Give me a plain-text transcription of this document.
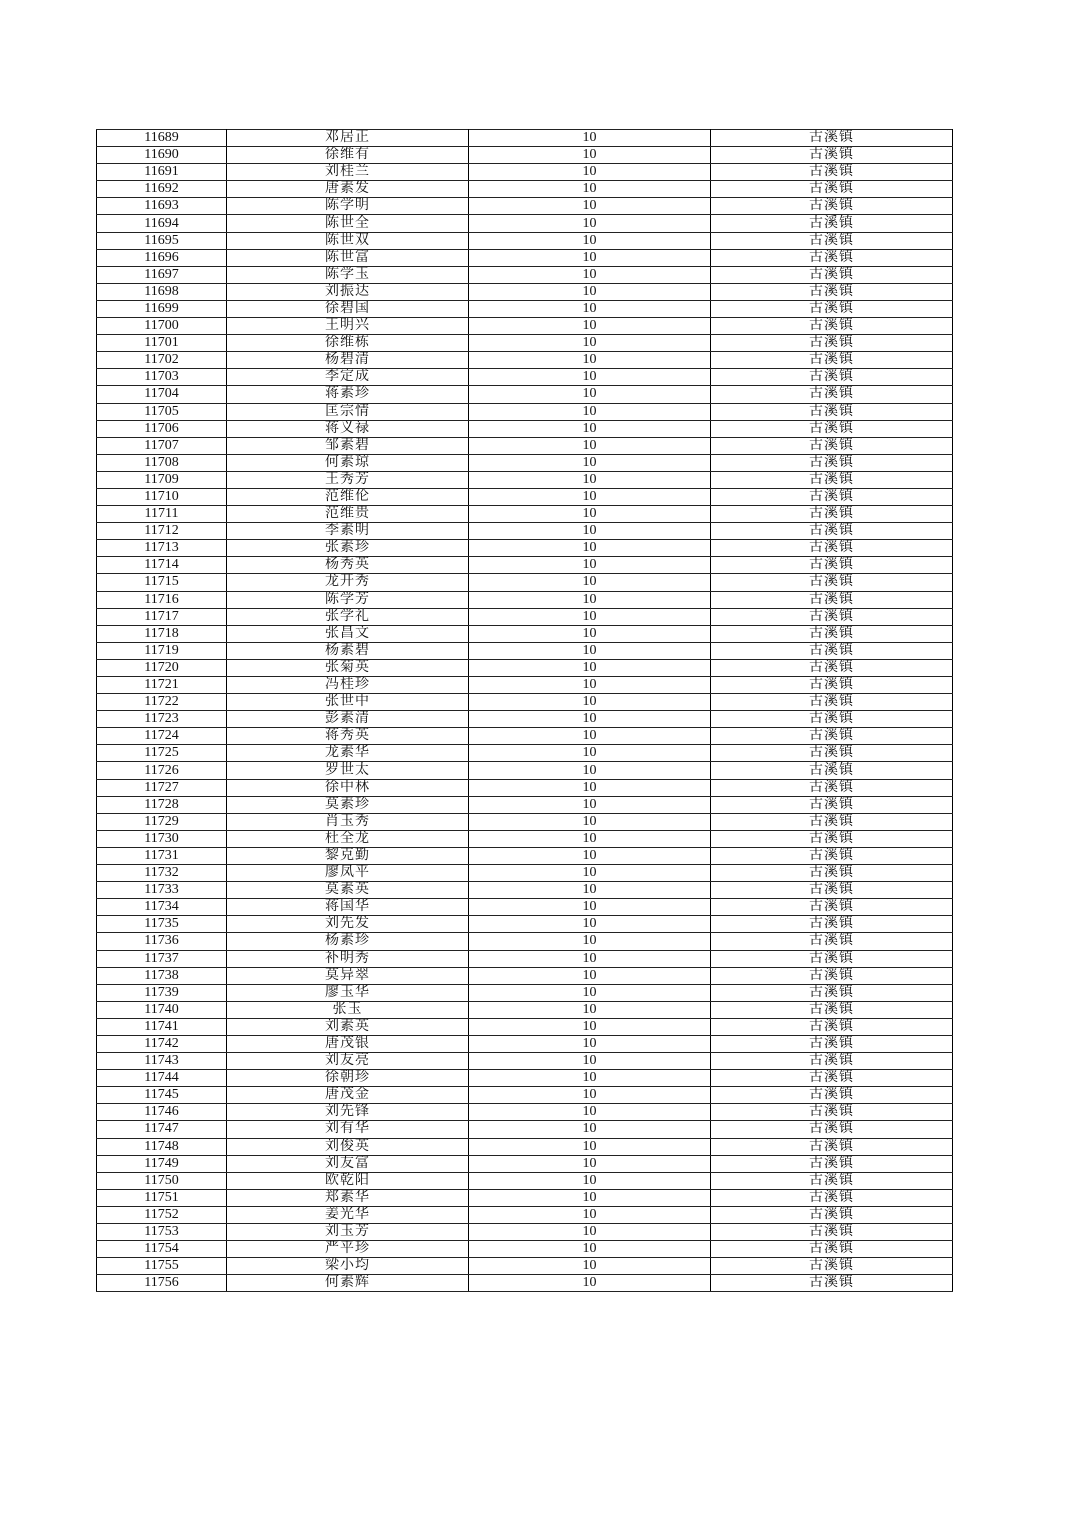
11689	邓居正	10	古溪镇
11690	徐维有	10	古溪镇
11691	刘桂兰	10	古溪镇
11692	唐素发	10	古溪镇
11693	陈学明	10	古溪镇
11694	陈世全	10	古溪镇
11695	陈世双	10	古溪镇
11696	陈世富	10	古溪镇
11697	陈学玉	10	古溪镇
11698	刘振达	10	古溪镇
11699	徐碧国	10	古溪镇
11700	王明兴	10	古溪镇
11701	徐维栋	10	古溪镇
11702	杨碧清	10	古溪镇
11703	李定成	10	古溪镇
11704	蒋素珍	10	古溪镇
11705	匡宗情	10	古溪镇
11706	蒋义禄	10	古溪镇
11707	邹素碧	10	古溪镇
11708	何素琼	10	古溪镇
11709	王秀芳	10	古溪镇
11710	范维伦	10	古溪镇
11711	范维贵	10	古溪镇
11712	李素明	10	古溪镇
11713	张素珍	10	古溪镇
11714	杨秀英	10	古溪镇
11715	龙开秀	10	古溪镇
11716	陈学芳	10	古溪镇
11717	张学礼	10	古溪镇
11718	张昌文	10	古溪镇
11719	杨素碧	10	古溪镇
11720	张菊英	10	古溪镇
11721	冯桂珍	10	古溪镇
11722	张世中	10	古溪镇
11723	彭素清	10	古溪镇
11724	蒋秀英	10	古溪镇
11725	龙素华	10	古溪镇
11726	罗世太	10	古溪镇
11727	徐中林	10	古溪镇
11728	莫素珍	10	古溪镇
11729	肖玉秀	10	古溪镇
11730	杜全龙	10	古溪镇
11731	黎克勤	10	古溪镇
11732	廖凤平	10	古溪镇
11733	莫素英	10	古溪镇
11734	蒋国华	10	古溪镇
11735	刘先发	10	古溪镇
11736	杨素珍	10	古溪镇
11737	补明秀	10	古溪镇
11738	莫异翠	10	古溪镇
11739	廖玉华	10	古溪镇
11740	张玉	10	古溪镇
11741	刘素英	10	古溪镇
11742	唐茂银	10	古溪镇
11743	刘友亮	10	古溪镇
11744	徐朝珍	10	古溪镇
11745	唐茂金	10	古溪镇
11746	刘先锋	10	古溪镇
11747	刘有华	10	古溪镇
11748	刘俊英	10	古溪镇
11749	刘友富	10	古溪镇
11750	欧乾阳	10	古溪镇
11751	郑素华	10	古溪镇
11752	姜光华	10	古溪镇
11753	刘玉芳	10	古溪镇
11754	严平珍	10	古溪镇
11755	梁小均	10	古溪镇
11756	何素辉	10	古溪镇
